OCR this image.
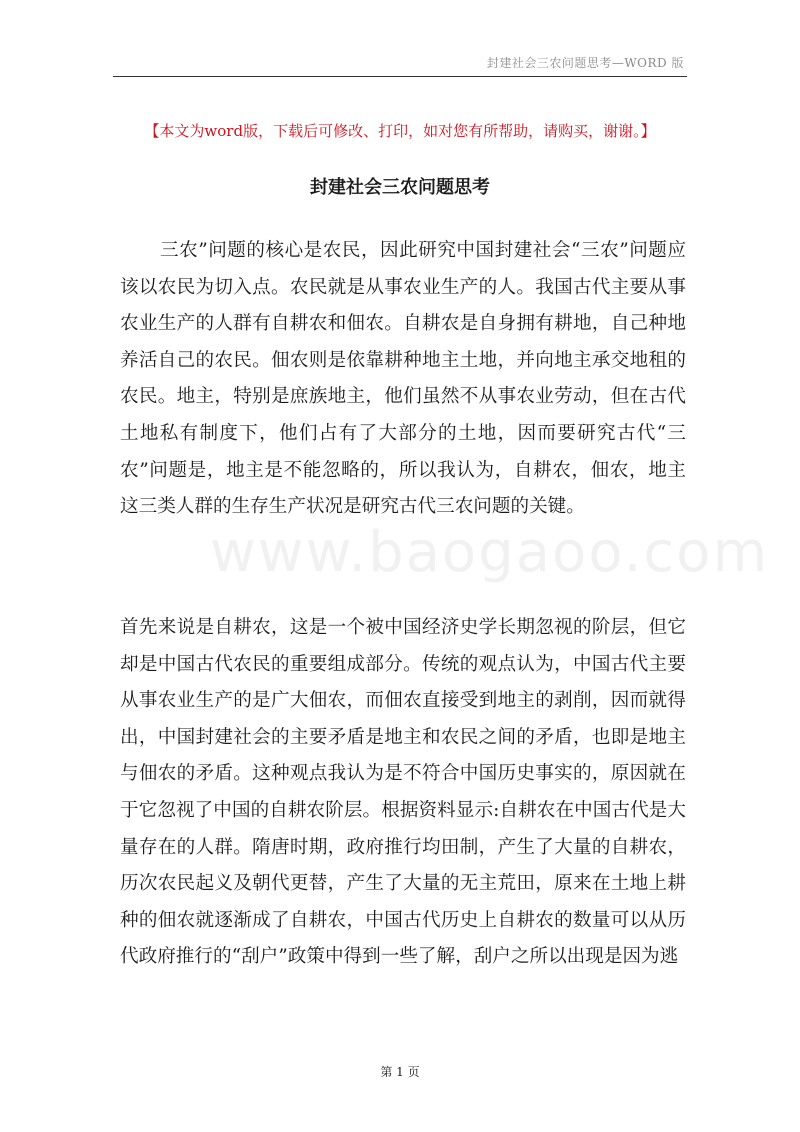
封建社会三农问题思考—WORD 版
【本文为word版，下载后可修改、打印，如对您有所帮助，请购买，谢谢。】
封建社会三农问题思考

三农”问题的核心是农民，因此研究中国封建社会“三农”问题应该以农民为切入点。农民就是从事农业生产的人。我国古代主要从事农业生产的人群有自耕农和佃农。自耕农是自身拥有耕地，自己种地养活自己的农民。佃农则是依靠耕种地主土地，并向地主承交地租的农民。地主，特别是庶族地主，他们虽然不从事农业劳动，但在古代土地私有制度下，他们占有了大部分的土地，因而要研究古代“三农”问题是，地主是不能忽略的，所以我认为，自耕农，佃农，地主这三类人群的生存生产状况是研究古代三农问题的关键。

www.baogaoo.com

首先来说是自耕农，这是一个被中国经济史学长期忽视的阶层，但它却是中国古代农民的重要组成部分。传统的观点认为，中国古代主要从事农业生产的是广大佃农，而佃农直接受到地主的剥削，因而就得出，中国封建社会的主要矛盾是地主和农民之间的矛盾，也即是地主与佃农的矛盾。这种观点我认为是不符合中国历史事实的，原因就在于它忽视了中国的自耕农阶层。根据资料显示:自耕农在中国古代是大量存在的人群。隋唐时期，政府推行均田制，产生了大量的自耕农，历次农民起义及朝代更替，产生了大量的无主荒田，原来在土地上耕种的佃农就逐渐成了自耕农，中国古代历史上自耕农的数量可以从历代政府推行的“刮户”政策中得到一些了解，刮户之所以出现是因为逃

第 1 页
